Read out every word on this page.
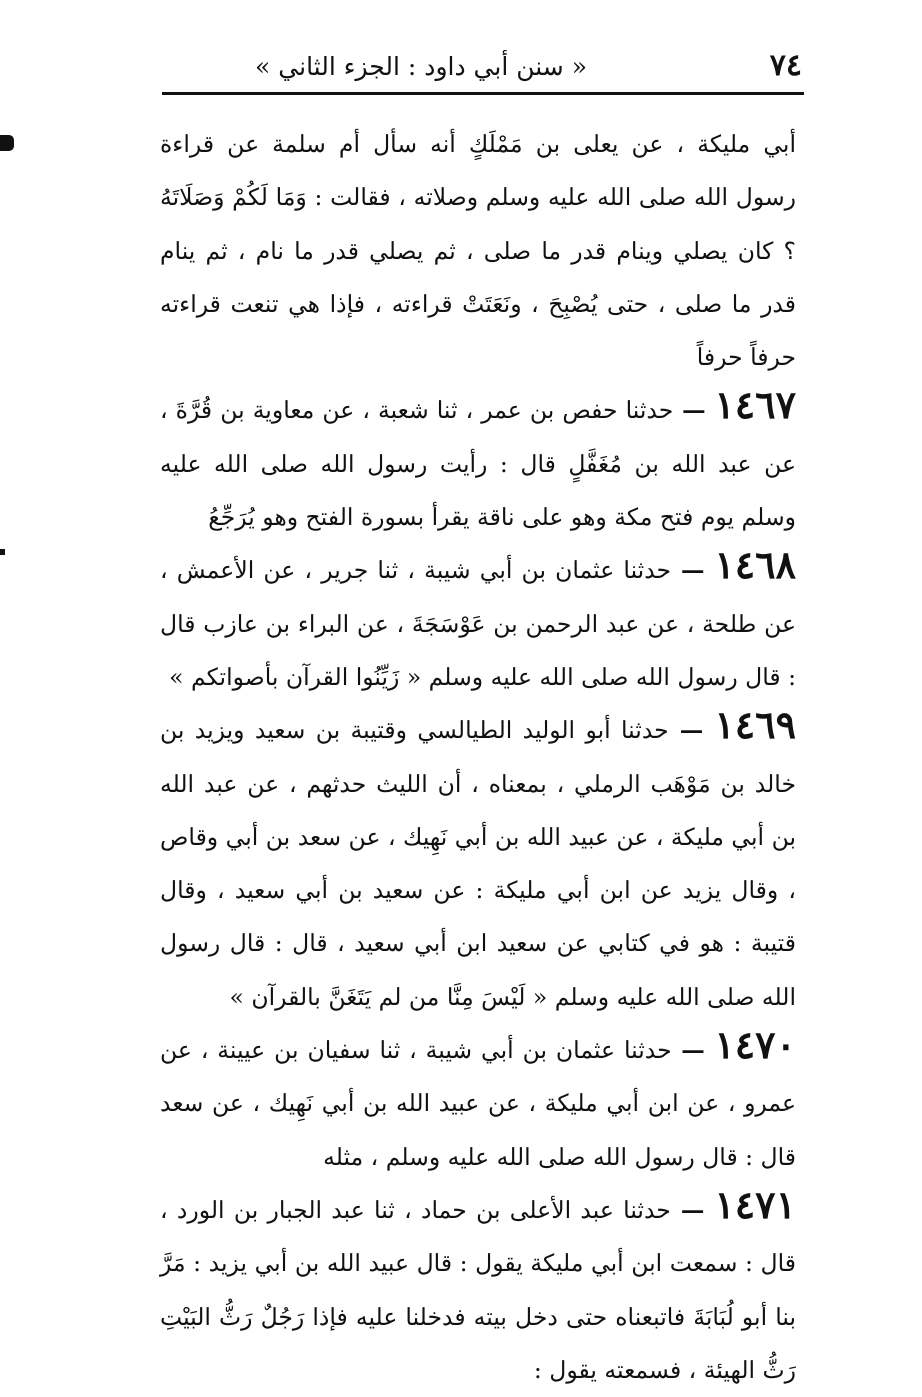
٧٤
« سنن أبي داود : الجزء الثاني »

أبي مليكة ، عن يعلى بن مَمْلَكٍ أنه سأل أم سلمة عن قراءة رسول الله صلى الله عليه وسلم وصلاته ، فقالت : وَمَا لَكُمْ وَصَلَاتَهُ ؟ كان يصلي وينام قدر ما صلى ، ثم يصلي قدر ما نام ، ثم ينام قدر ما صلى ، حتى يُصْبِحَ ، ونَعَتَتْ قراءته ، فإذا هي تنعت قراءته حرفاً حرفاً

١٤٦٧ — حدثنا حفص بن عمر ، ثنا شعبة ، عن معاوية بن قُرَّةَ ، عن عبد الله بن مُغَفَّلٍ قال : رأيت رسول الله صلى الله عليه وسلم يوم فتح مكة وهو على ناقة يقرأ بسورة الفتح وهو يُرَجِّعُ

١٤٦٨ — حدثنا عثمان بن أبي شيبة ، ثنا جرير ، عن الأعمش ، عن طلحة ، عن عبد الرحمن بن عَوْسَجَةَ ، عن البراء بن عازب قال : قال رسول الله صلى الله عليه وسلم « زَيِّنُوا القرآن بأصواتكم »

١٤٦٩ — حدثنا أبو الوليد الطيالسي وقتيبة بن سعيد ويزيد بن خالد بن مَوْهَب الرملي ، بمعناه ، أن الليث حدثهم ، عن عبد الله بن أبي مليكة ، عن عبيد الله بن أبي نَهِيك ، عن سعد بن أبي وقاص ، وقال يزيد عن ابن أبي مليكة : عن سعيد بن أبي سعيد ، وقال قتيبة : هو في كتابي عن سعيد ابن أبي سعيد ، قال : قال رسول الله صلى الله عليه وسلم « لَيْسَ مِنَّا من لم يَتَغَنَّ بالقرآن »

١٤٧٠ — حدثنا عثمان بن أبي شيبة ، ثنا سفيان بن عيينة ، عن عمرو ، عن ابن أبي مليكة ، عن عبيد الله بن أبي نَهِيك ، عن سعد قال : قال رسول الله صلى الله عليه وسلم ، مثله

١٤٧١ — حدثنا عبد الأعلى بن حماد ، ثنا عبد الجبار بن الورد ، قال : سمعت ابن أبي مليكة يقول : قال عبيد الله بن أبي يزيد : مَرَّ بنا أبو لُبَابَةَ فاتبعناه حتى دخل بيته فدخلنا عليه فإذا رَجُلٌ رَثُّ البَيْتِ رَثُّ الهيئة ، فسمعته يقول :
